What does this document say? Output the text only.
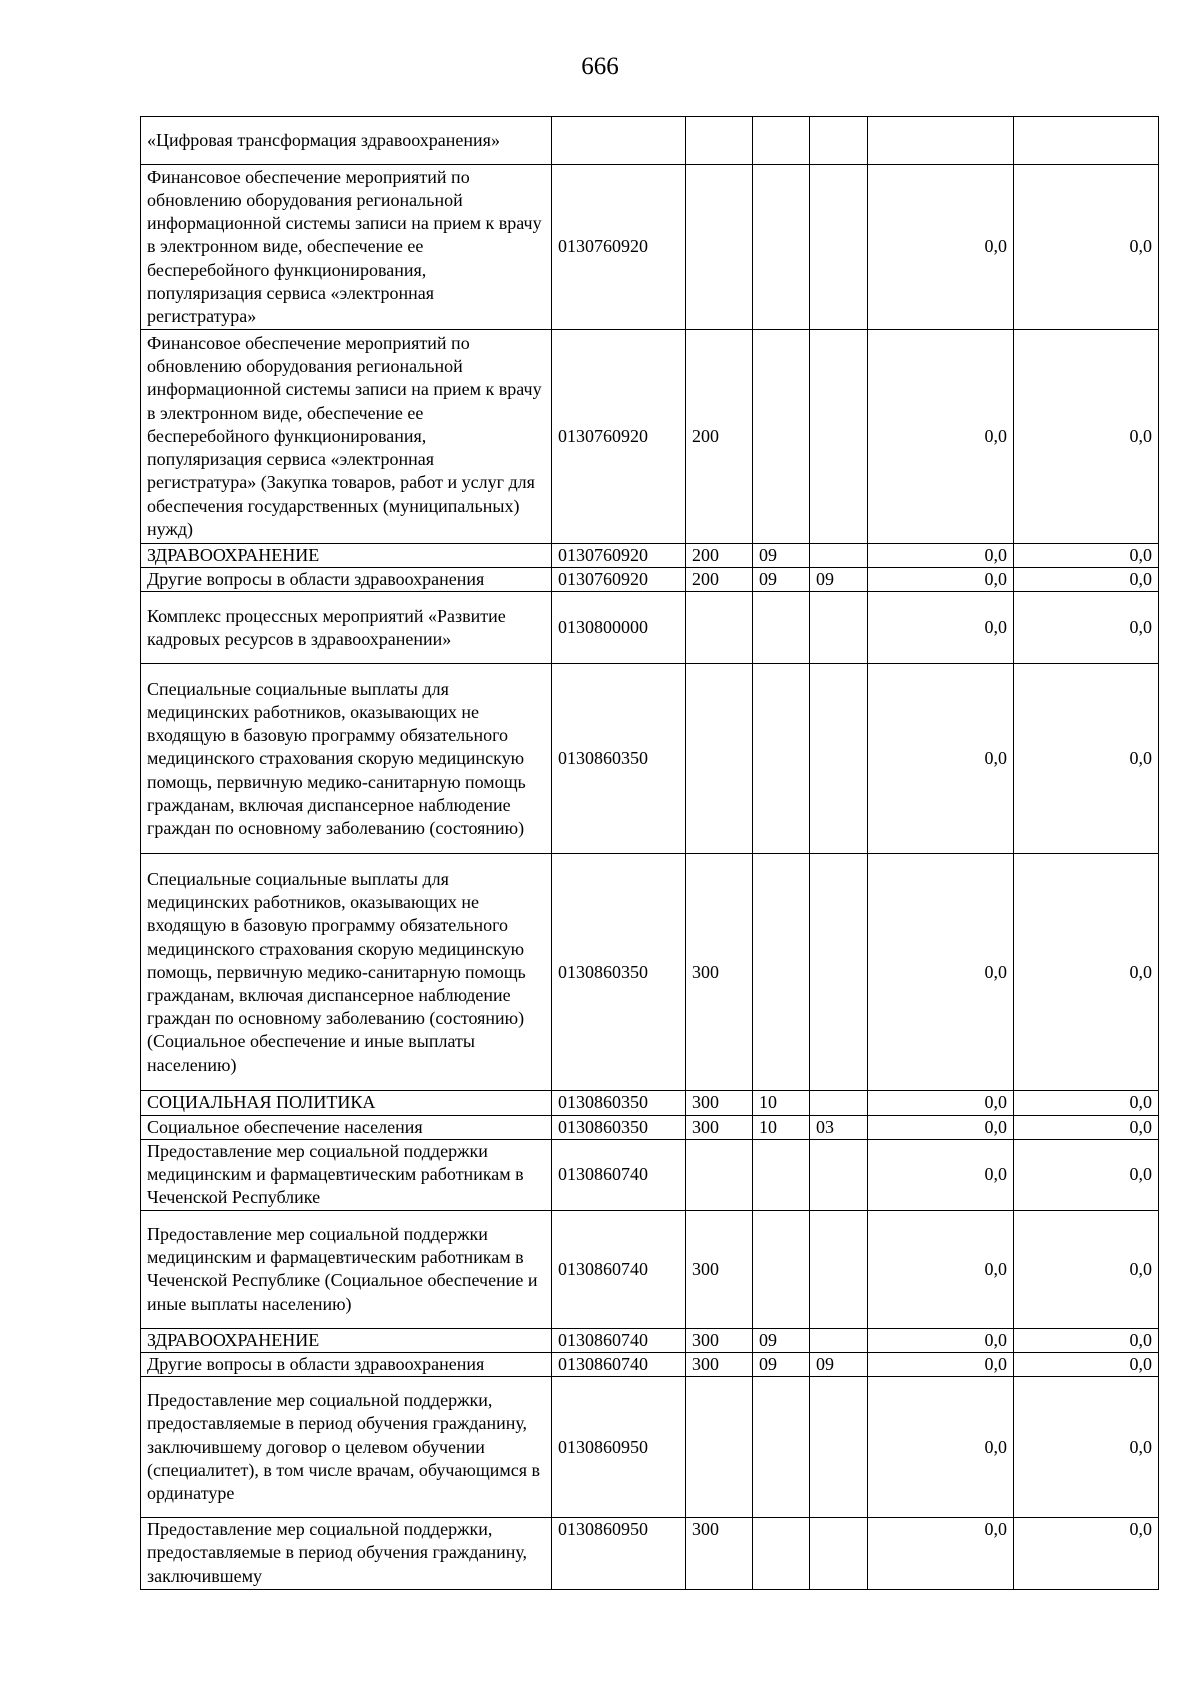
666
«Цифровая трансформация здравоохранения»						
Финансовое обеспечение мероприятий по обновлению оборудования региональной информационной системы записи на прием к врачу в электронном виде, обеспечение ее бесперебойного функционирования, популяризация сервиса «электронная регистратура»	0130760920				0,0	0,0
Финансовое обеспечение мероприятий по обновлению оборудования региональной информационной системы записи на прием к врачу в электронном виде, обеспечение ее бесперебойного функционирования, популяризация сервиса «электронная регистратура» (Закупка товаров, работ и услуг для обеспечения государственных (муниципальных) нужд)	0130760920	200			0,0	0,0
ЗДРАВООХРАНЕНИЕ	0130760920	200	09		0,0	0,0
Другие вопросы в области здравоохранения	0130760920	200	09	09	0,0	0,0
Комплекс процессных мероприятий «Развитие кадровых ресурсов в здравоохранении»	0130800000				0,0	0,0
Специальные социальные выплаты для медицинских работников, оказывающих не входящую в базовую программу обязательного медицинского страхования скорую медицинскую помощь, первичную медико-санитарную помощь гражданам, включая диспансерное наблюдение граждан по основному заболеванию (состоянию)	0130860350				0,0	0,0
Специальные социальные выплаты для медицинских работников, оказывающих не входящую в базовую программу обязательного медицинского страхования скорую медицинскую помощь, первичную медико-санитарную помощь гражданам, включая диспансерное наблюдение граждан по основному заболеванию (состоянию) (Социальное обеспечение и иные выплаты населению)	0130860350	300			0,0	0,0
СОЦИАЛЬНАЯ ПОЛИТИКА	0130860350	300	10		0,0	0,0
Социальное обеспечение населения	0130860350	300	10	03	0,0	0,0
Предоставление мер социальной поддержки медицинским и фармацевтическим работникам в Чеченской Республике	0130860740				0,0	0,0
Предоставление мер социальной поддержки медицинским и фармацевтическим работникам в Чеченской Республике (Социальное обеспечение и иные выплаты населению)	0130860740	300			0,0	0,0
ЗДРАВООХРАНЕНИЕ	0130860740	300	09		0,0	0,0
Другие вопросы в области здравоохранения	0130860740	300	09	09	0,0	0,0
Предоставление мер социальной поддержки, предоставляемые в период обучения гражданину, заключившему договор о целевом обучении (специалитет), в том числе врачам, обучающимся в ординатуре	0130860950				0,0	0,0
Предоставление мер социальной поддержки, предоставляемые в период обучения гражданину, заключившему	0130860950	300			0,0	0,0
